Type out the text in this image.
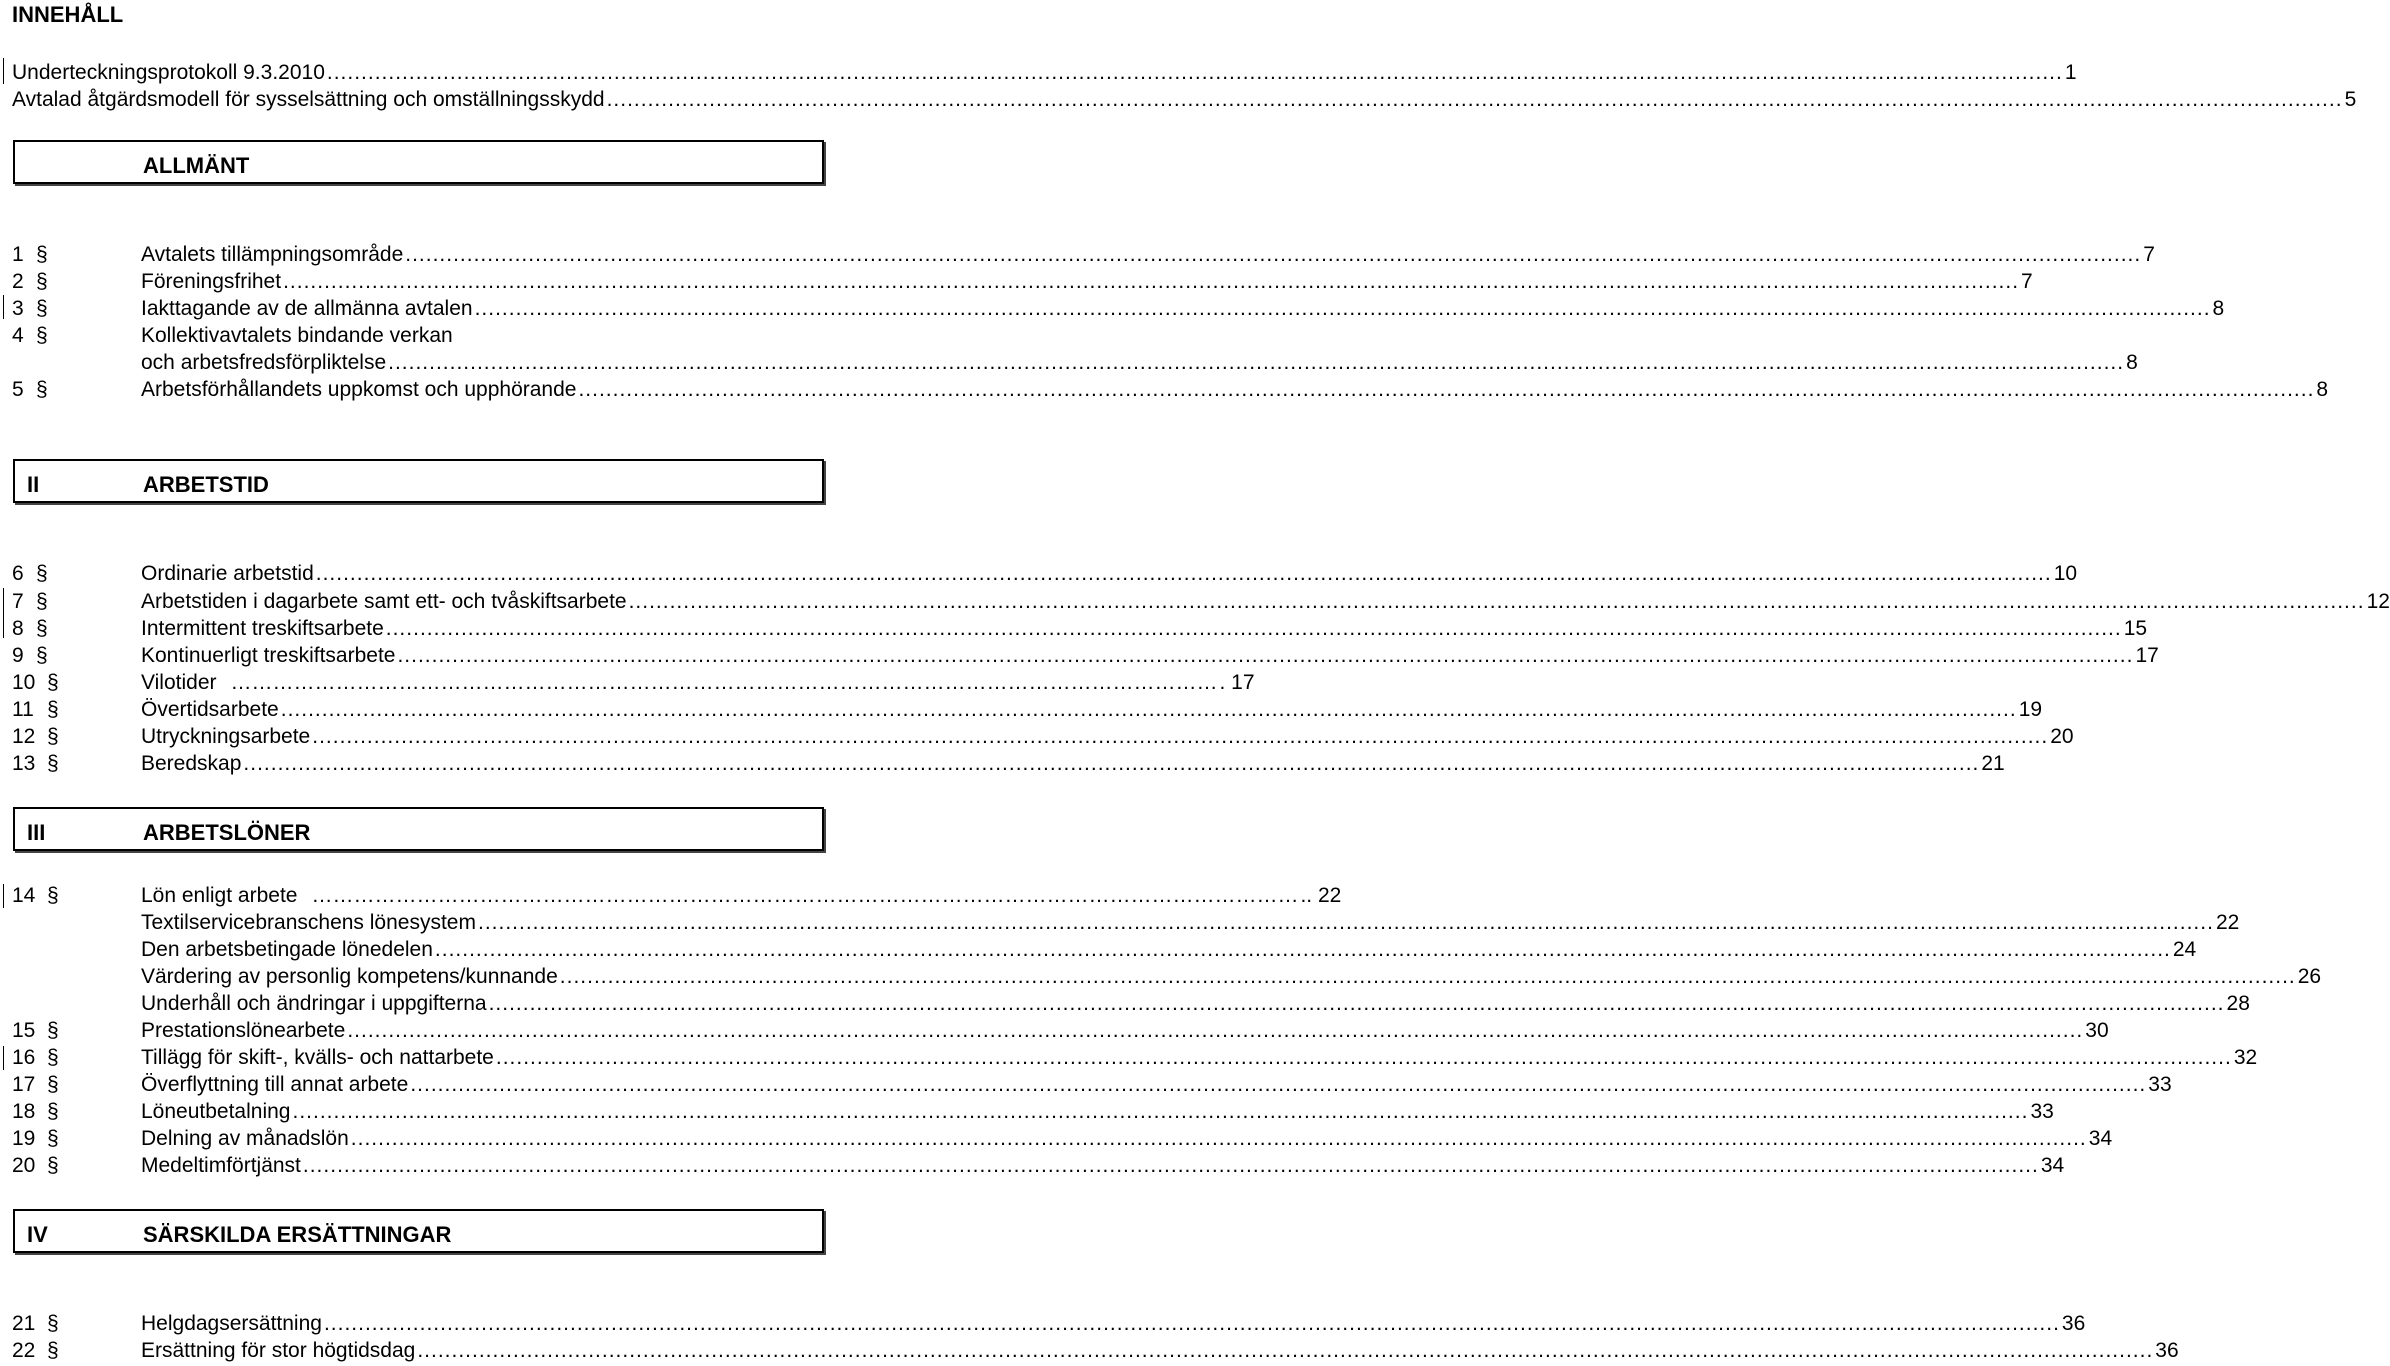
INNEHÅLL
Underteckningsprotokoll 9.3.2010 .............................................................................................................................................................................................................................................................. 1
Avtalad åtgärdsmodell för sysselsättning och omställningsskydd .............................................................................................................................................................................................................................................................. 5
ALLMÄNT
II	ARBETSTID
III	ARBETSLÖNER
IV	SÄRSKILDA ERSÄTTNINGAR
1 §	Avtalets tillämpningsområde .............................................................................................................................................................................................................................................................. 7
2 §	Föreningsfrihet .............................................................................................................................................................................................................................................................. 7
3 §	Iakttagande av de allmänna avtalen .............................................................................................................................................................................................................................................................. 8
4 §	Kollektivavtalets bindande verkan
och arbetsfredsförpliktelse .............................................................................................................................................................................................................................................................. 8
5 §	Arbetsförhållandets uppkomst och upphörande .............................................................................................................................................................................................................................................................. 8
6 §	Ordinarie arbetstid .............................................................................................................................................................................................................................................................. 10
7 §	Arbetstiden i dagarbete samt ett- och tvåskiftsarbete .............................................................................................................................................................................................................................................................. 12
8 §	Intermittent treskiftsarbete .............................................................................................................................................................................................................................................................. 15
9 §	Kontinuerligt treskiftsarbete .............................................................................................................................................................................................................................................................. 17
10 §	Vilotider …………………………………………………………………………………………………………………………… . 17
11 §	Övertidsarbete .............................................................................................................................................................................................................................................................. 19
12 §	Utryckningsarbete .............................................................................................................................................................................................................................................................. 20
13 §	Beredskap .............................................................................................................................................................................................................................................................. 21
14 §	Lön enligt arbete …………………………………………………………………………………………………………………………… .. 22
Textilservicebranschens lönesystem .............................................................................................................................................................................................................................................................. 22
Den arbetsbetingade lönedelen .............................................................................................................................................................................................................................................................. 24
Värdering av personlig kompetens/kunnande .............................................................................................................................................................................................................................................................. 26
Underhåll och ändringar i uppgifterna .............................................................................................................................................................................................................................................................. 28
15 §	Prestationslönearbete .............................................................................................................................................................................................................................................................. 30
16 §	Tillägg för skift-, kvälls- och nattarbete .............................................................................................................................................................................................................................................................. 32
17 §	Överflyttning till annat arbete .............................................................................................................................................................................................................................................................. 33
18 §	Löneutbetalning .............................................................................................................................................................................................................................................................. 33
19 §	Delning av månadslön .............................................................................................................................................................................................................................................................. 34
20 §	Medeltimförtjänst .............................................................................................................................................................................................................................................................. 34
21 §	Helgdagsersättning .............................................................................................................................................................................................................................................................. 36
22 §	Ersättning för stor högtidsdag .............................................................................................................................................................................................................................................................. 36
